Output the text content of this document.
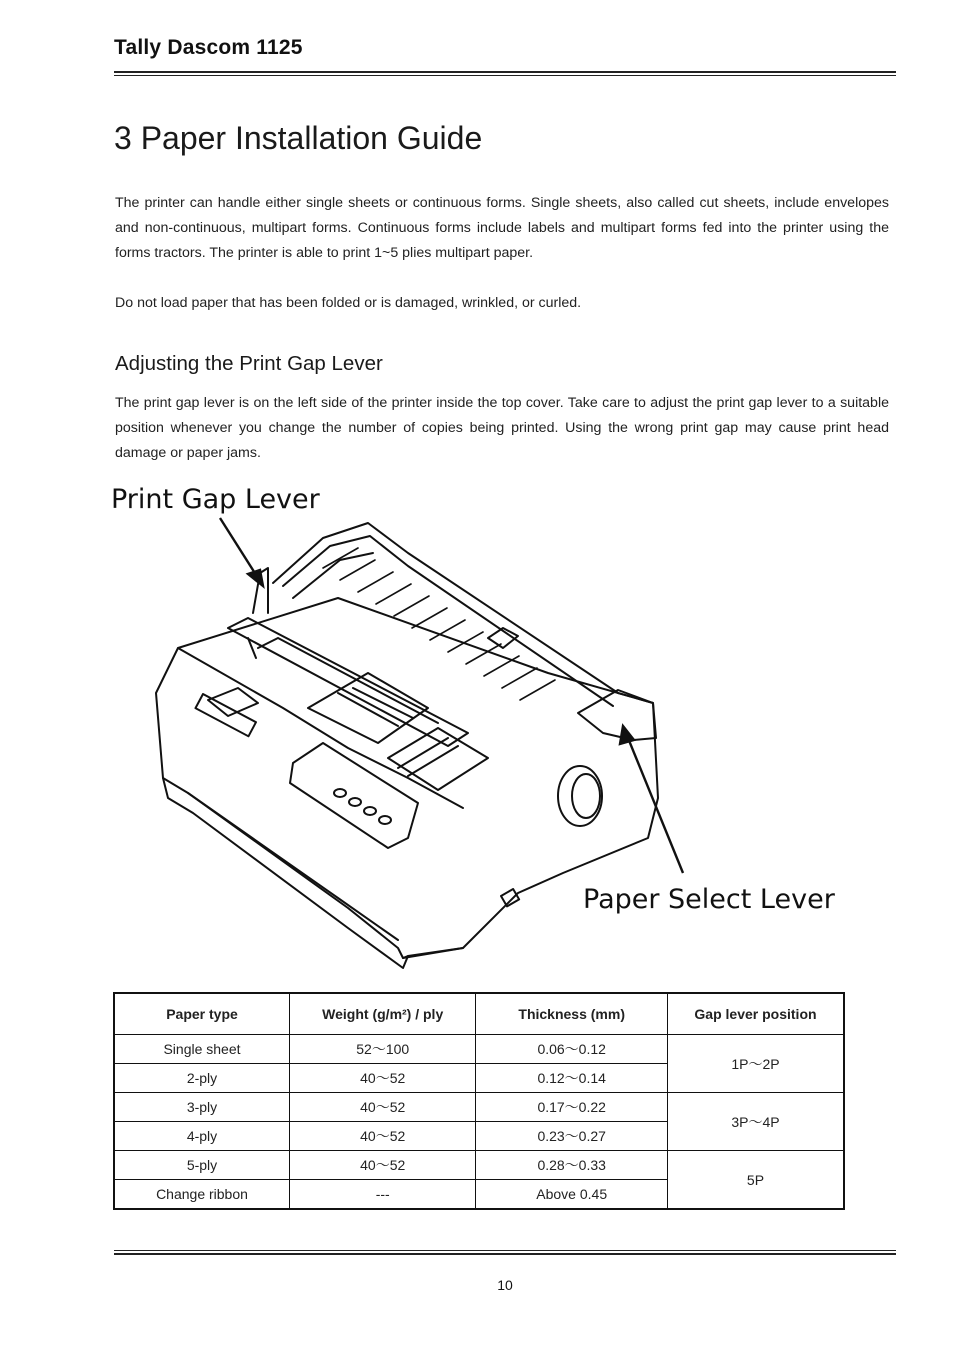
Tally Dascom 1125
3 Paper Installation Guide

The printer can handle either single sheets or continuous forms. Single sheets, also called cut sheets, include envelopes and non-continuous, multipart forms. Continuous forms include labels and multipart forms fed into the printer using the forms tractors. The printer is able to print 1~5 plies multipart paper.

Do not load paper that has been folded or is damaged, wrinkled, or curled.

Adjusting the Print Gap Lever

The print gap lever is on the left side of the printer inside the top cover. Take care to adjust the print gap lever to a suitable position whenever you change the number of copies being printed. Using the wrong print gap may cause print head damage or paper jams.

Print Gap Lever
Paper Select Lever
Paper type	Weight (g/m²) / ply	Thickness (mm)	Gap lever position
Single sheet	52～100	0.06～0.12	1P～2P
2-ply	40～52	0.12～0.14	
3-ply	40～52	0.17～0.22	3P～4P
4-ply	40～52	0.23～0.27	
5-ply	40～52	0.28～0.33	5P
Change ribbon	---	Above 0.45	
10
